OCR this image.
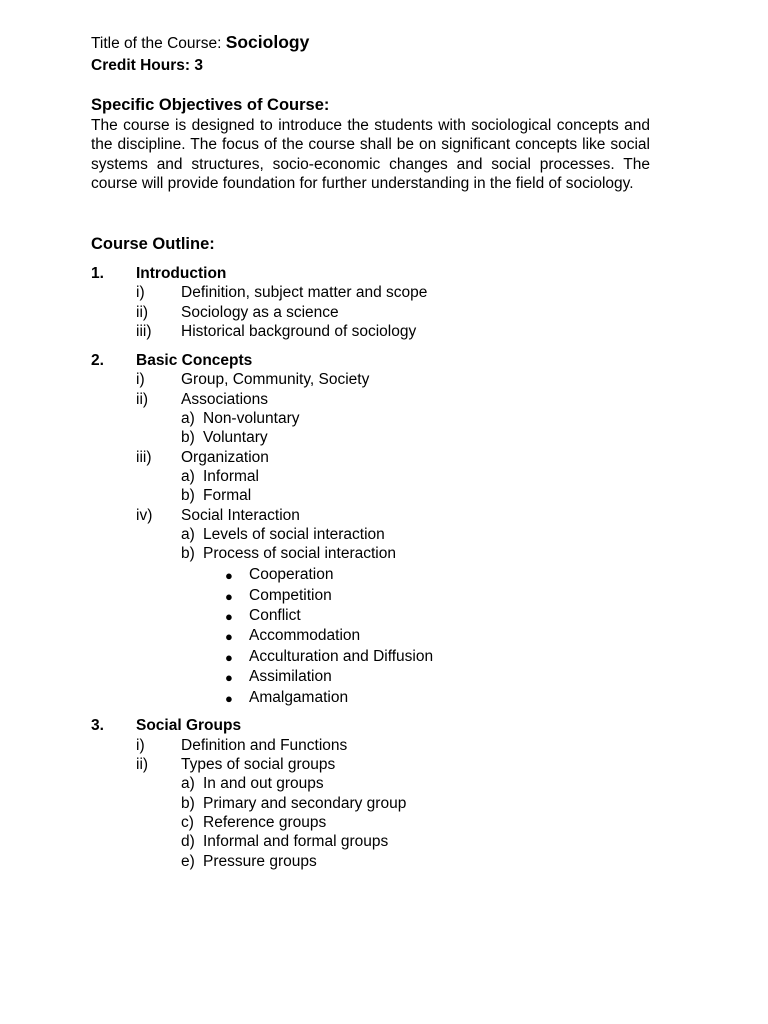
Title of the Course: Sociology
Credit Hours: 3
Specific Objectives of Course:
The course is designed to introduce the students with sociological concepts and the discipline. The focus of the course shall be on significant concepts like social systems and structures, socio-economic changes and social processes. The course will provide foundation for further understanding in the field of sociology.
Course Outline:
1. Introduction
i) Definition, subject matter and scope
ii) Sociology as a science
iii) Historical background of sociology
2. Basic Concepts
i) Group, Community, Society
ii) Associations
a) Non-voluntary
b) Voluntary
iii) Organization
a) Informal
b) Formal
iv) Social Interaction
a) Levels of social interaction
b) Process of social interaction
● Cooperation
● Competition
● Conflict
● Accommodation
● Acculturation and Diffusion
● Assimilation
● Amalgamation
3. Social Groups
i) Definition and Functions
ii) Types of social groups
a) In and out groups
b) Primary and secondary group
c) Reference groups
d) Informal and formal groups
e) Pressure groups
